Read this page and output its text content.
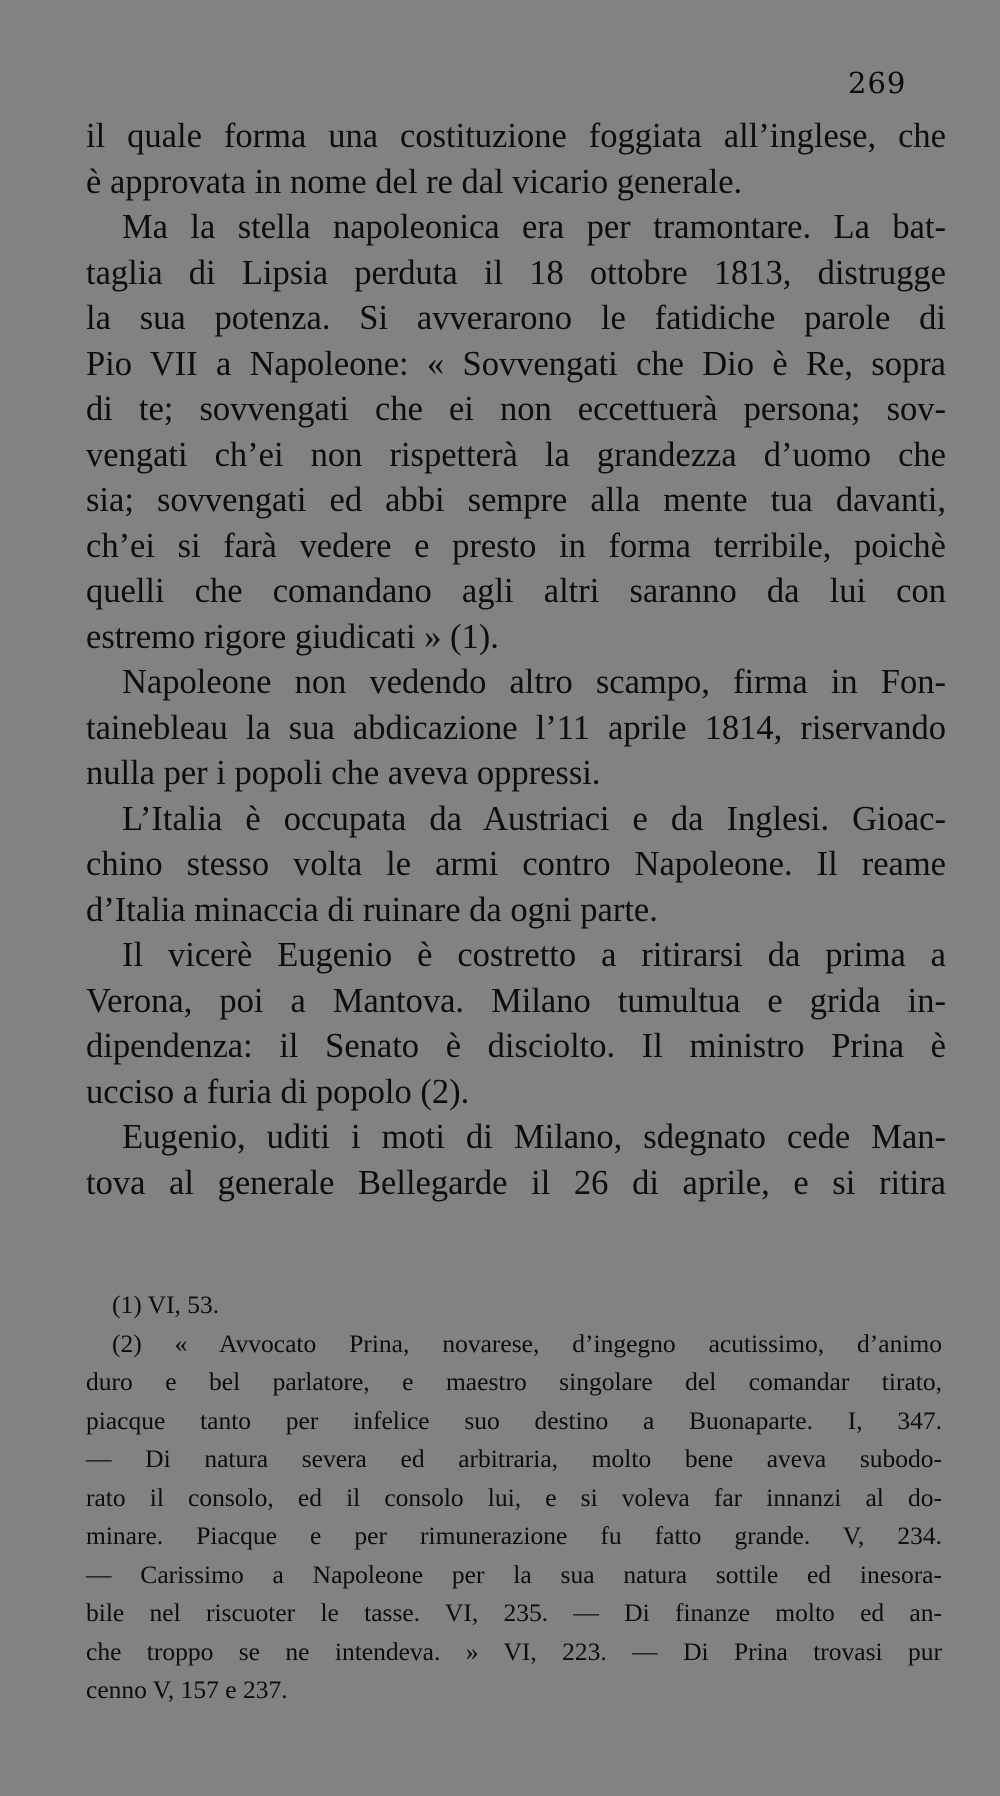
269
il quale forma una costituzione foggiata all’inglese, che
è approvata in nome del re dal vicario generale.
Ma la stella napoleonica era per tramontare. La bat-
taglia di Lipsia perduta il 18 ottobre 1813, distrugge
la sua potenza. Si avverarono le fatidiche parole di
Pio VII a Napoleone: « Sovvengati che Dio è Re, sopra
di te; sovvengati che ei non eccettuerà persona; sov-
vengati ch’ei non rispetterà la grandezza d’uomo che
sia; sovvengati ed abbi sempre alla mente tua davanti,
ch’ei si farà vedere e presto in forma terribile, poichè
quelli che comandano agli altri saranno da lui con
estremo rigore giudicati » (1).
Napoleone non vedendo altro scampo, firma in Fon-
tainebleau la sua abdicazione l’11 aprile 1814, riservando
nulla per i popoli che aveva oppressi.
L’Italia è occupata da Austriaci e da Inglesi. Gioac-
chino stesso volta le armi contro Napoleone. Il reame
d’Italia minaccia di ruinare da ogni parte.
Il vicerè Eugenio è costretto a ritirarsi da prima a
Verona, poi a Mantova. Milano tumultua e grida in-
dipendenza: il Senato è disciolto. Il ministro Prina è
ucciso a furia di popolo (2).
Eugenio, uditi i moti di Milano, sdegnato cede Man-
tova al generale Bellegarde il 26 di aprile, e si ritira
(1) VI, 53.
(2) « Avvocato Prina, novarese, d’ingegno acutissimo, d’animo
duro e bel parlatore, e maestro singolare del comandar tirato,
piacque tanto per infelice suo destino a Buonaparte. I, 347.
— Di natura severa ed arbitraria, molto bene aveva subodo-
rato il consolo, ed il consolo lui, e si voleva far innanzi al do-
minare. Piacque e per rimunerazione fu fatto grande. V, 234.
— Carissimo a Napoleone per la sua natura sottile ed inesora-
bile nel riscuoter le tasse. VI, 235. — Di finanze molto ed an-
che troppo se ne intendeva. » VI, 223. — Di Prina trovasi pur
cenno V, 157 e 237.
